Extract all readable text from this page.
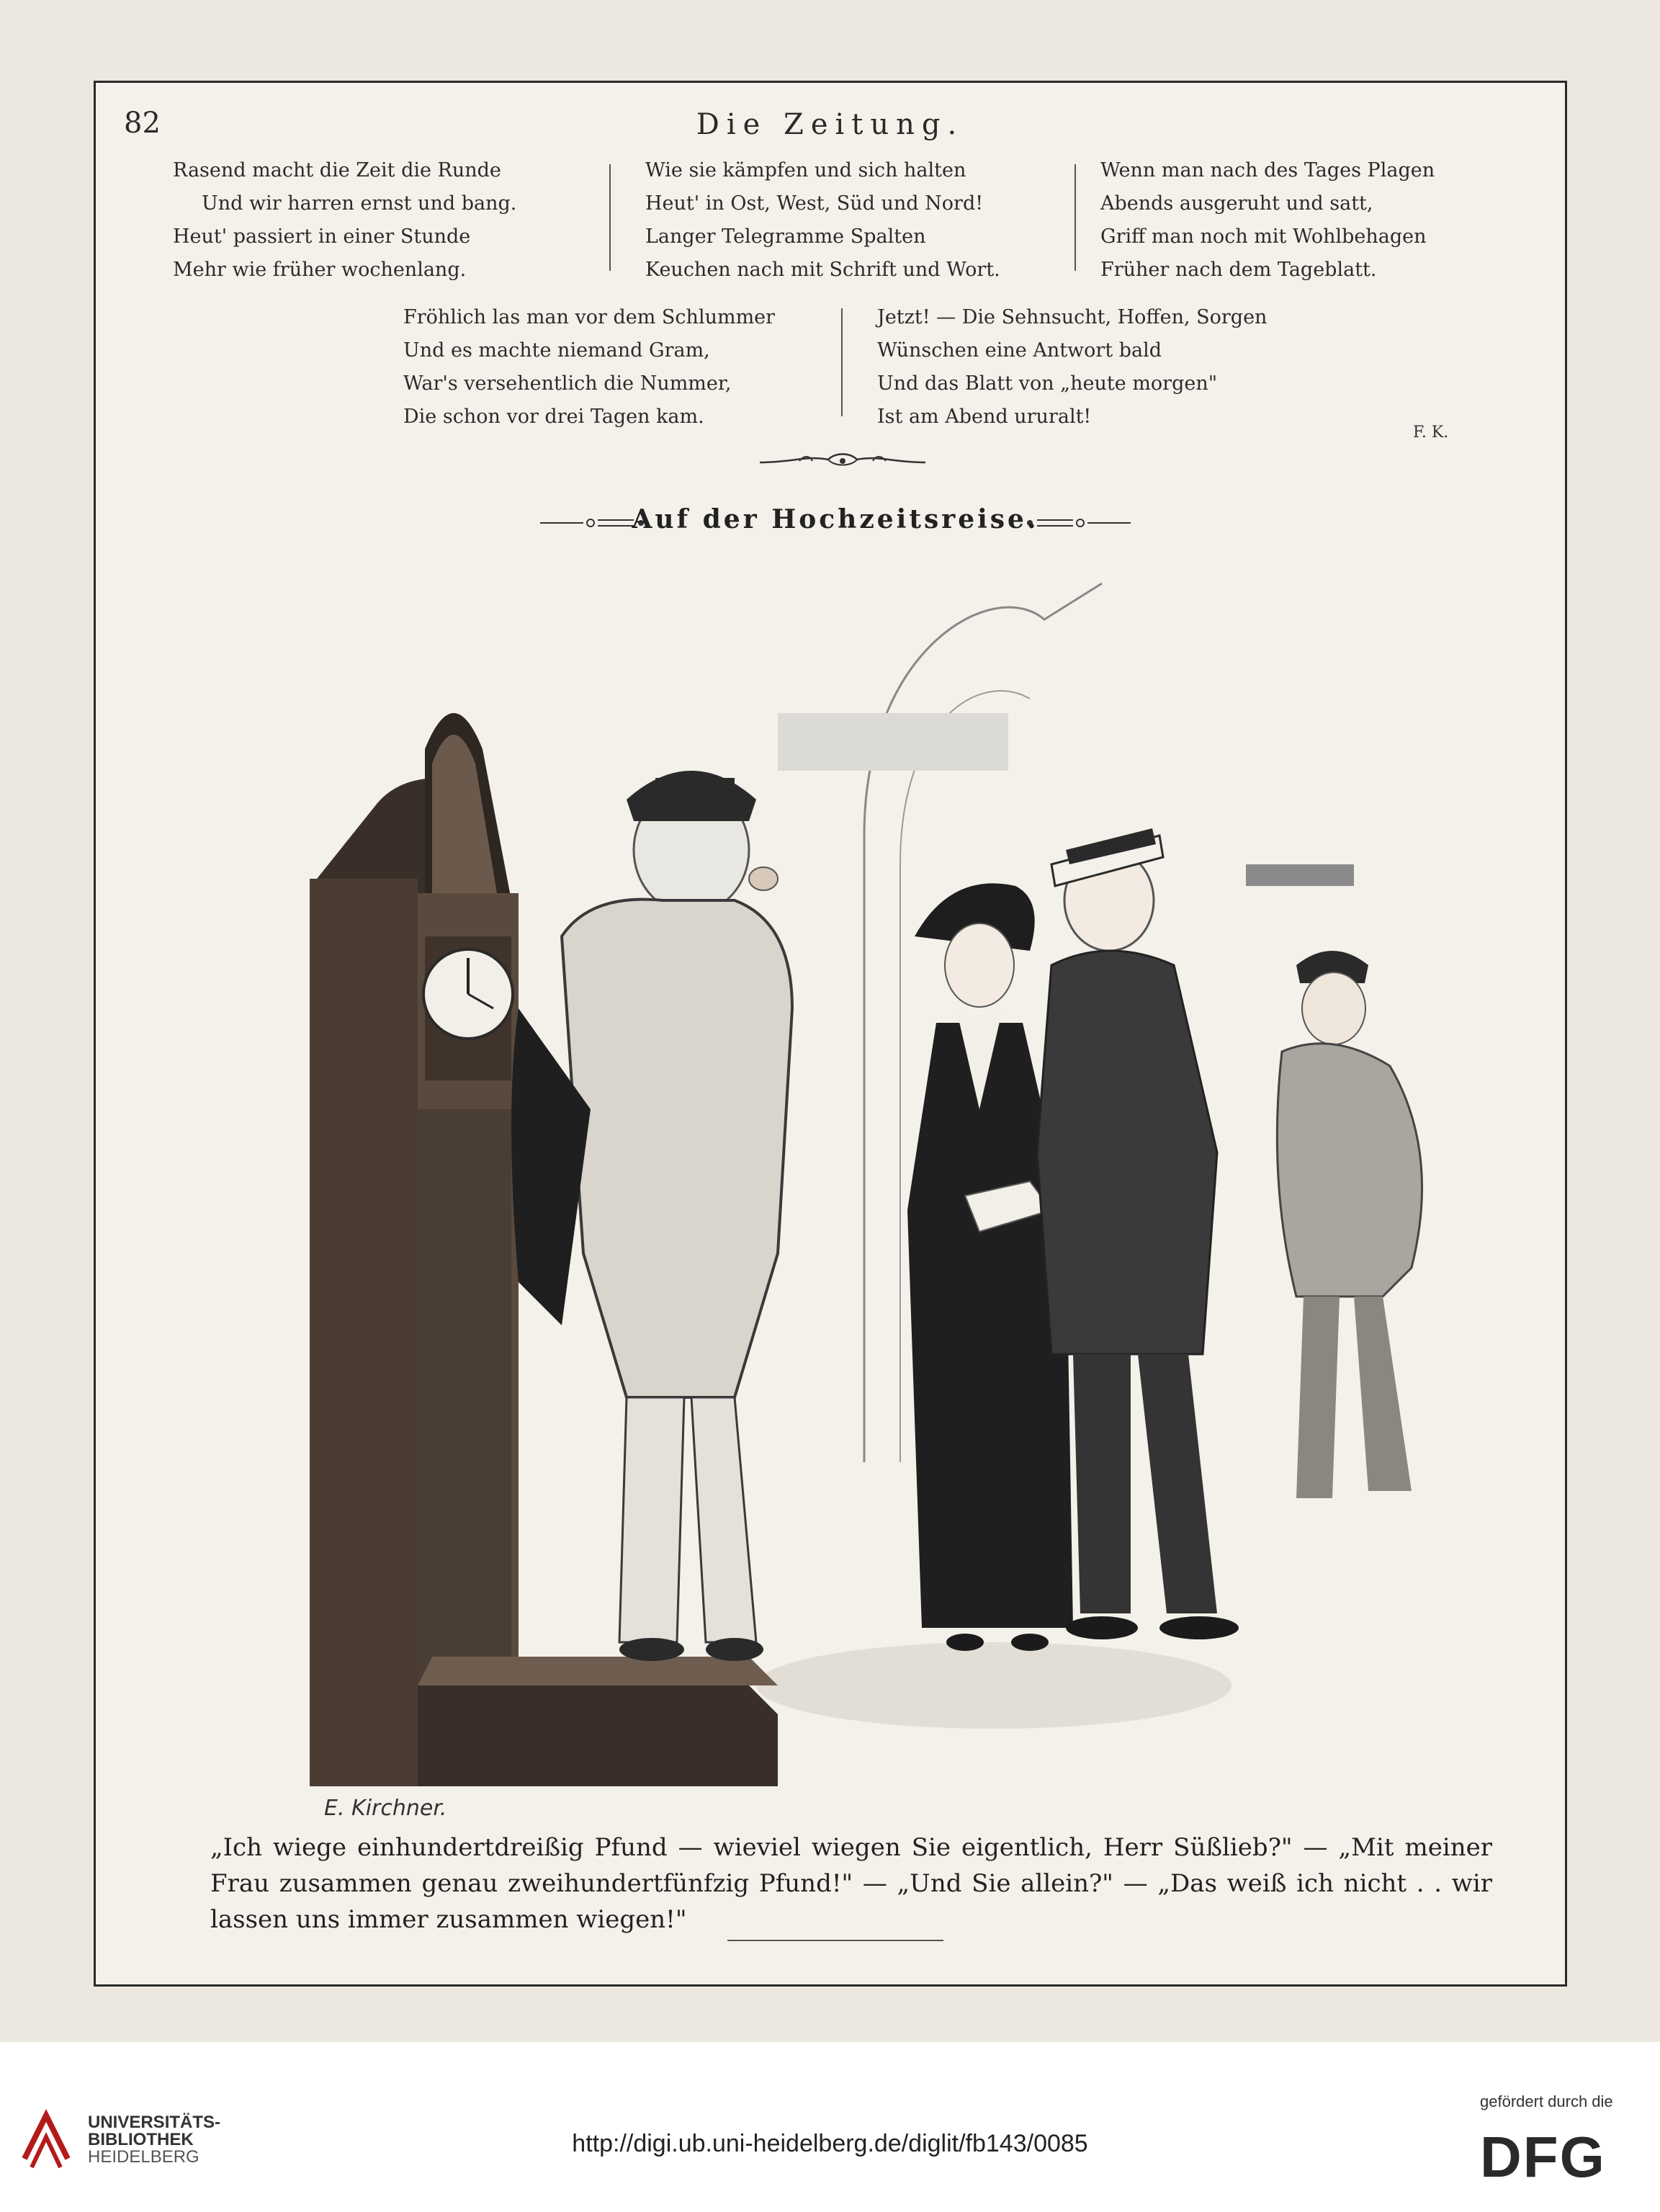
82	Die Zeitung.
Rasend macht die Zeit die Runde
Und wir harren ernst und bang.
Heut' passiert in einer Stunde
Mehr wie früher wochenlang.
Wie sie kämpfen und sich halten
Heut' in Ost, West, Süd und Nord!
Langer Telegramme Spalten
Keuchen nach mit Schrift und Wort.
Wenn man nach des Tages Plagen
Abends ausgeruht und satt,
Griff man noch mit Wohlbehagen
Früher nach dem Tageblatt.
Fröhlich las man vor dem Schlummer
Und es machte niemand Gram,
War's versehentlich die Nummer,
Die schon vor drei Tagen kam.
Jetzt! — Die Sehnsucht, Hoffen, Sorgen
Wünschen eine Antwort bald
Und das Blatt von „heute morgen"
Ist am Abend ururalt!
F. K.
Auf der Hochzeitsreise.
E. Kirchner.
„Ich wiege einhundertdreißig Pfund — wieviel wiegen Sie eigentlich, Herr Süßlieb?" — „Mit meiner Frau zusammen genau zweihundertfünfzig Pfund!" — „Und Sie allein?" — „Das weiß ich nicht . . wir lassen uns immer zusammen wiegen!"
UNIVERSITÄTS-
BIBLIOTHEK
HEIDELBERG	http://digi.ub.uni-heidelberg.de/diglit/fb143/0085
gefördert durch die
DFG
